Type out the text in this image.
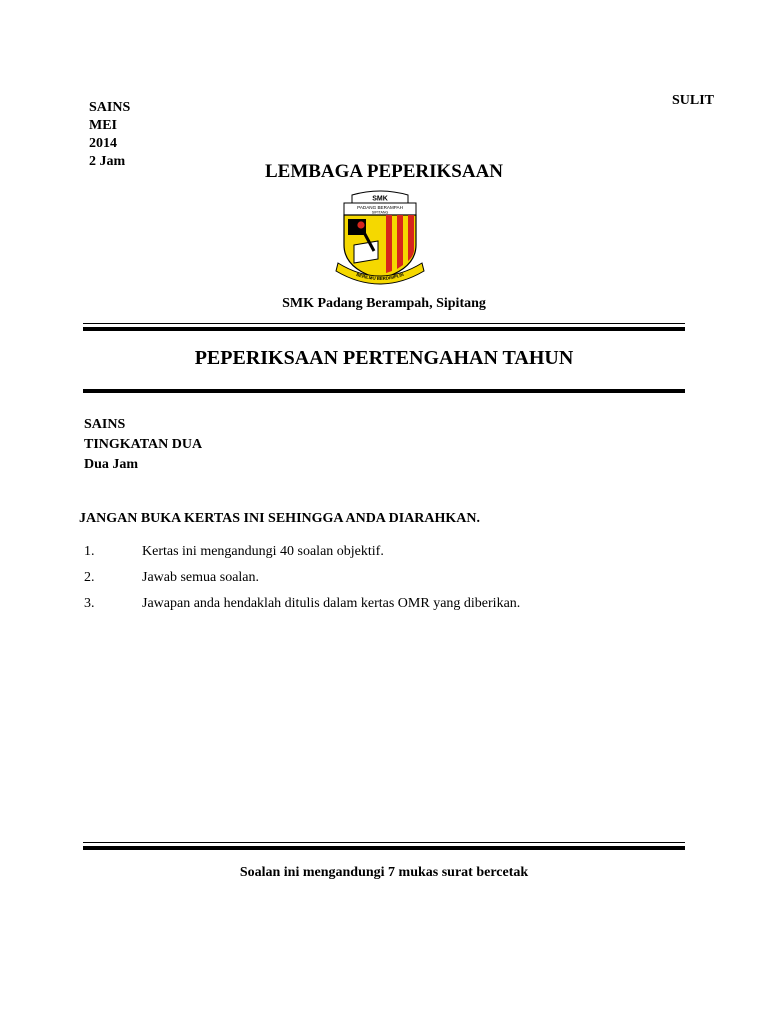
SAINS
MEI
2014
2 Jam
SULIT
LEMBAGA PEPERIKSAAN
SMK
PADANG BERAMPAH
SIPITANG
BERILMU BERDISIPLIN
SMK Padang Berampah, Sipitang
PEPERIKSAAN PERTENGAHAN TAHUN
SAINS
TINGKATAN DUA
Dua Jam
JANGAN BUKA KERTAS INI SEHINGGA ANDA DIARAHKAN.
1.	Kertas ini mengandungi 40 soalan objektif.
2.	Jawab semua soalan.
3.	Jawapan anda hendaklah ditulis dalam kertas OMR yang diberikan.
Soalan ini mengandungi 7 mukas surat bercetak
